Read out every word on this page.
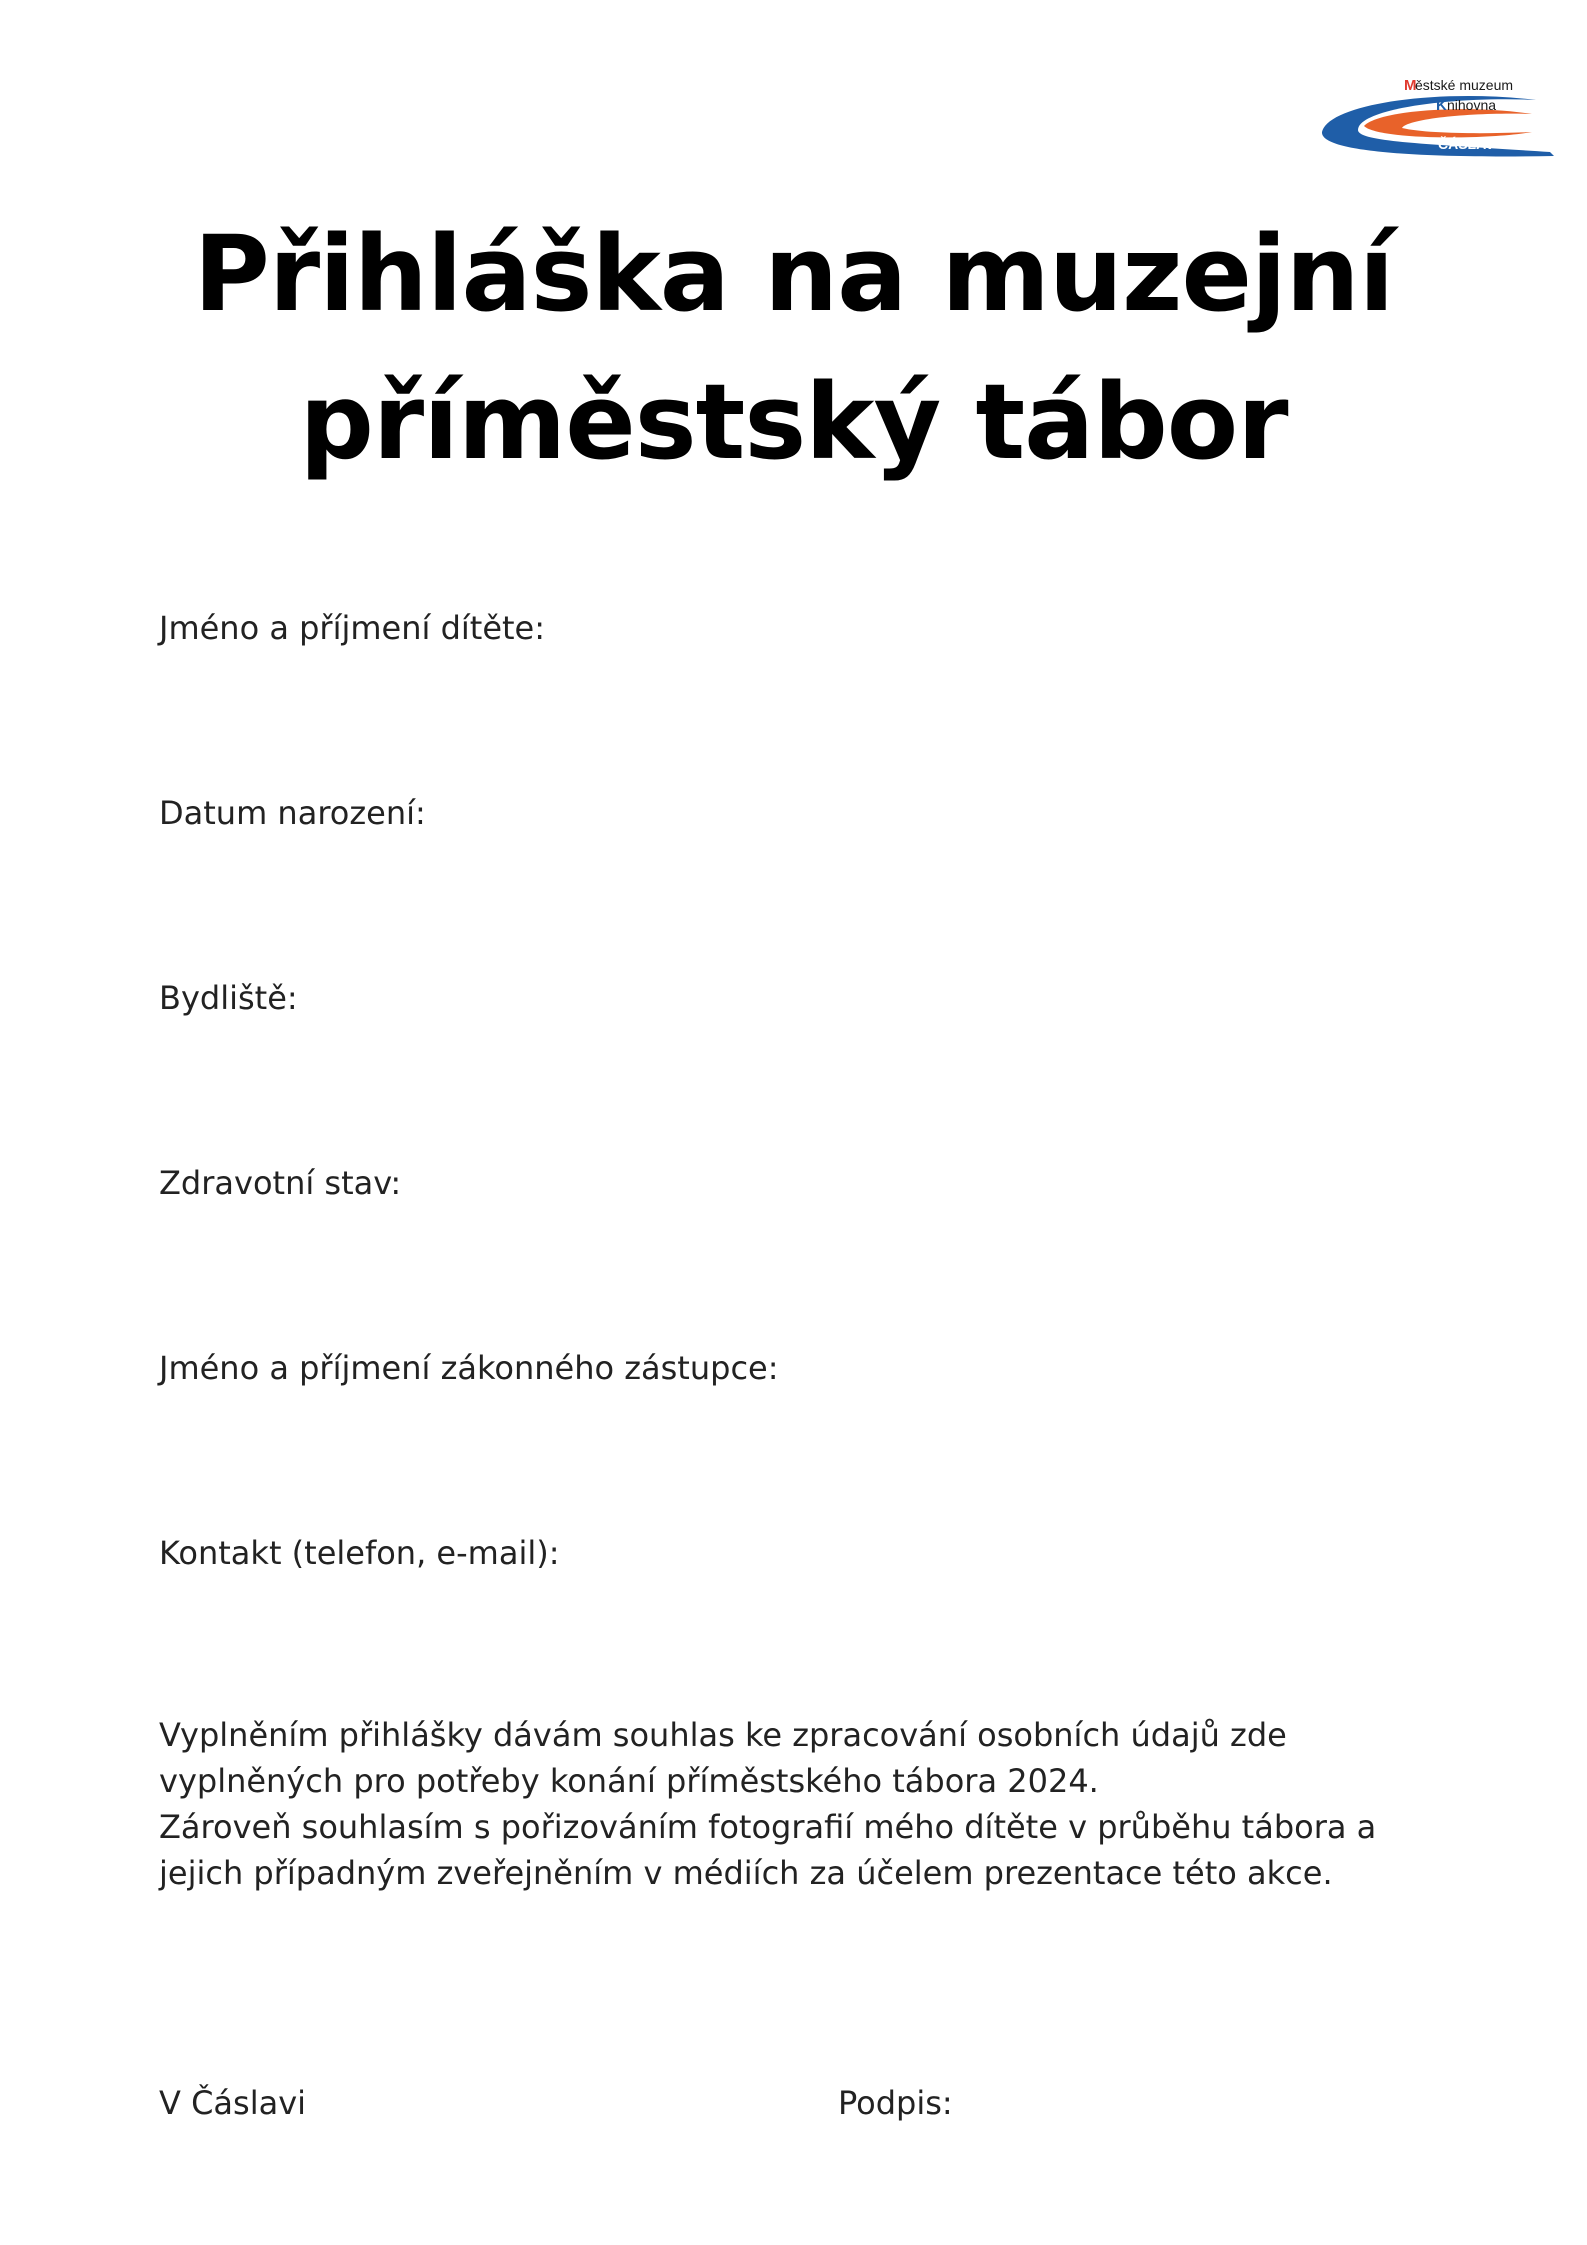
M
ěstské muzeum
K nihovna
ČÁSLAV
Přihláška na muzejní
příměstský tábor
Jméno a příjmení dítěte:
Datum narození:
Bydliště:
Zdravotní stav:
Jméno a příjmení zákonného zástupce:
Kontakt (telefon, e-mail):

Vyplněním přihlášky dávám souhlas ke zpracování osobních údajů zde vyplněných pro potřeby konání příměstského tábora 2024.

Zároveň souhlasím s pořizováním fotografií mého dítěte v průběhu tábora a jejich případným zveřejněním v médiích za účelem prezentace této akce.

V Čáslavi	Podpis:
